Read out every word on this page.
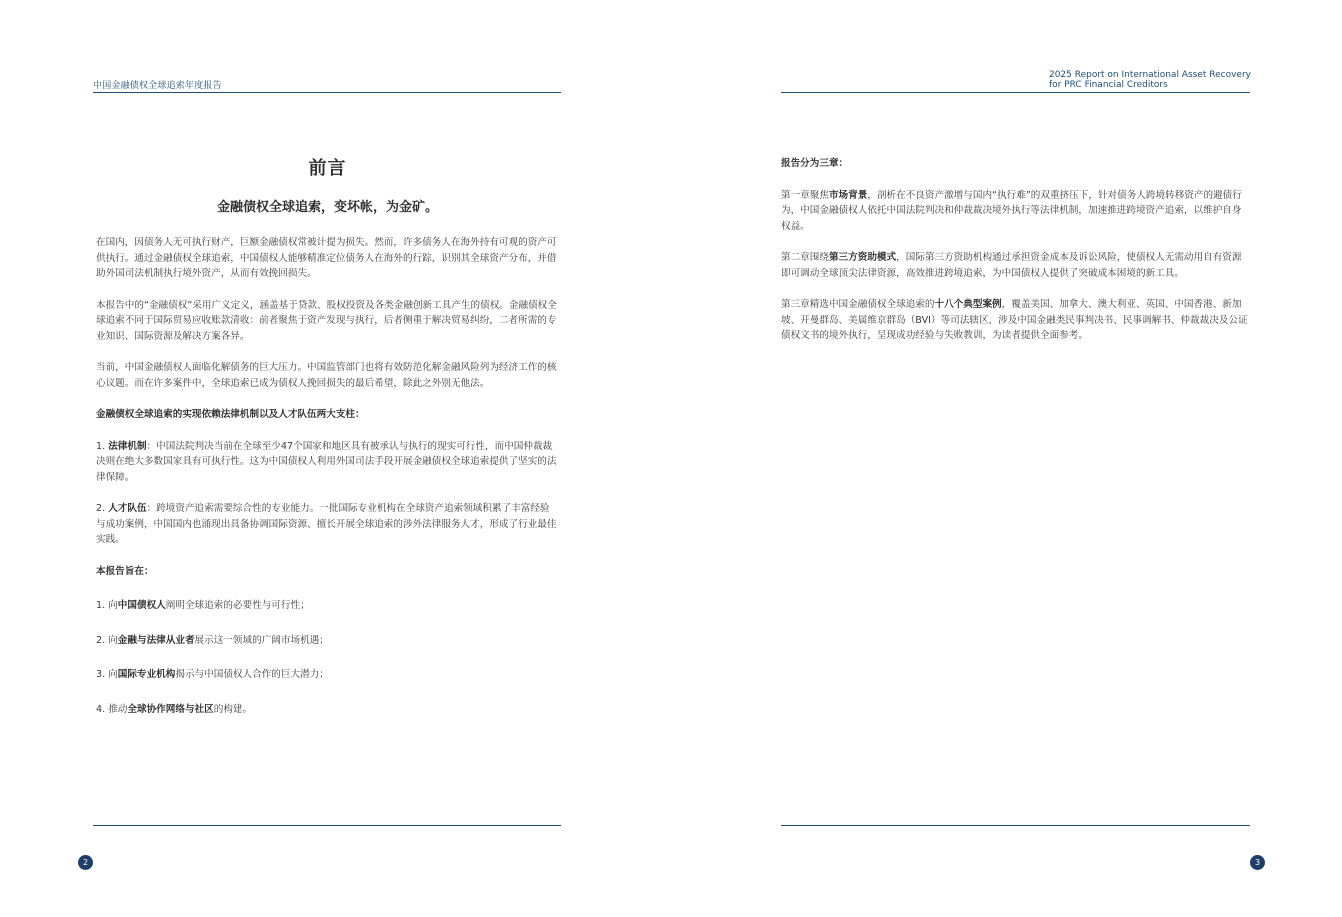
中国金融债权全球追索年度报告
前言
金融债权全球追索，变坏帐，为金矿。

在国内，因债务人无可执行财产，巨额金融债权常被计提为损失。然而，许多债务人在海外持有可观的资产可供执行。通过金融债权全球追索，中国债权人能够精准定位债务人在海外的行踪，识别其全球资产分布，并借助外国司法机制执行境外资产，从而有效挽回损失。

本报告中的“金融债权”采用广义定义，涵盖基于贷款、股权投资及各类金融创新工具产生的债权。金融债权全球追索不同于国际贸易应收账款清收：前者聚焦于资产发现与执行，后者侧重于解决贸易纠纷，二者所需的专业知识、国际资源及解决方案各异。

当前，中国金融债权人面临化解债务的巨大压力。中国监管部门也将有效防范化解金融风险列为经济工作的核心议题。而在许多案件中，全球追索已成为债权人挽回损失的最后希望，除此之外别无他法。

金融债权全球追索的实现依赖法律机制以及人才队伍两大支柱：

1. 法律机制：中国法院判决当前在全球至少47个国家和地区具有被承认与执行的现实可行性，而中国仲裁裁决则在绝大多数国家具有可执行性。这为中国债权人利用外国司法手段开展金融债权全球追索提供了坚实的法律保障。

2. 人才队伍：跨境资产追索需要综合性的专业能力。一批国际专业机构在全球资产追索领域积累了丰富经验与成功案例，中国国内也涌现出具备协调国际资源、擅长开展全球追索的涉外法律服务人才，形成了行业最佳实践。

本报告旨在：

1. 向中国债权人阐明全球追索的必要性与可行性；

2. 向金融与法律从业者展示这一领域的广阔市场机遇；

3. 向国际专业机构揭示与中国债权人合作的巨大潜力；

4. 推动全球协作网络与社区的构建。

2
2025 Report on International Asset Recovery
for PRC Financial Creditors

报告分为三章：

第一章聚焦市场背景，剖析在不良资产激增与国内“执行难”的双重挤压下，针对债务人跨境转移资产的避债行为，中国金融债权人依托中国法院判决和仲裁裁决境外执行等法律机制，加速推进跨境资产追索，以维护自身权益。

第二章围绕第三方资助模式，国际第三方资助机构通过承担资金成本及诉讼风险，使债权人无需动用自有资源即可调动全球顶尖法律资源，高效推进跨境追索，为中国债权人提供了突破成本困境的新工具。

第三章精选中国金融债权全球追索的十八个典型案例，覆盖美国、加拿大、澳大利亚、英国、中国香港、新加坡、开曼群岛、美属维京群岛（BVI）等司法辖区，涉及中国金融类民事判决书、民事调解书、仲裁裁决及公证债权文书的境外执行，呈现成功经验与失败教训，为读者提供全面参考。

3
